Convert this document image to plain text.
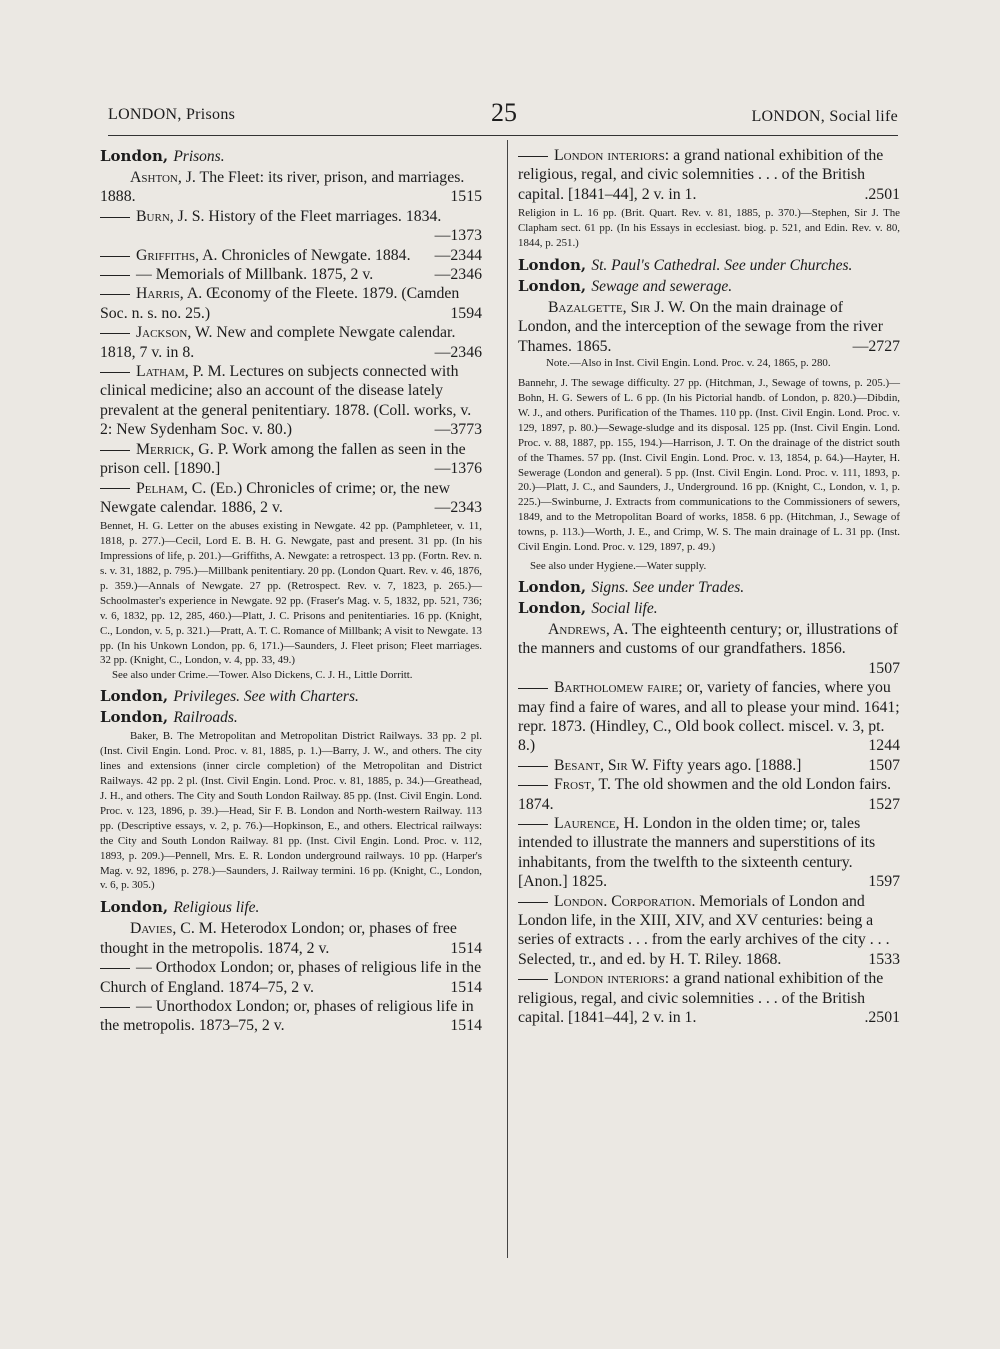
LONDON, Prisons	25	LONDON, Social life
London, Prisons.

Ashton, J. The Fleet: its river, prison, and marriages. 1888.	1515

Burn, J. S. History of the Fleet marriages. 1834.
—1373

Griffiths, A. Chronicles of Newgate. 1884. —2344

— Memorials of Millbank. 1875, 2 v.	—2346

Harris, A. Œconomy of the Fleete. 1879. (Camden Soc. n. s. no. 25.)	1594

Jackson, W. New and complete Newgate calendar. 1818, 7 v. in 8.	—2346

Latham, P. M. Lectures on subjects connected with clinical medicine; also an account of the disease lately prevalent at the general penitentiary. 1878. (Coll. works, v. 2: New Sydenham Soc. v. 80.)	—3773

Merrick, G. P. Work among the fallen as seen in the prison cell. [1890.]	—1376

Pelham, C. (Ed.) Chronicles of crime; or, the new Newgate calendar. 1886, 2 v.	—2343

Bennet, H. G. Letter on the abuses existing in Newgate. 42 pp. (Pamphleteer, v. 11, 1818, p. 277.)—Cecil, Lord E. B. H. G. Newgate, past and present. 31 pp. (In his Impressions of life, p. 201.)—Griffiths, A. Newgate: a retrospect. 13 pp. (Fortn. Rev. n. s. v. 31, 1882, p. 795.)—Millbank penitentiary. 20 pp. (London Quart. Rev. v. 46, 1876, p. 359.)—Annals of Newgate. 27 pp. (Retrospect. Rev. v. 7, 1823, p. 265.)—Schoolmaster's experience in Newgate. 92 pp. (Fraser's Mag. v. 5, 1832, pp. 521, 736; v. 6, 1832, pp. 12, 285, 460.)—Platt, J. C. Prisons and penitentiaries. 16 pp. (Knight, C., London, v. 5, p. 321.)—Pratt, A. T. C. Romance of Millbank; A visit to Newgate. 13 pp. (In his Unkown London, pp. 6, 171.)—Saunders, J. Fleet prison; Fleet marriages. 32 pp. (Knight, C., London, v. 4, pp. 33, 49.)

See also under Crime.—Tower. Also Dickens, C. J. H., Little Dorritt.

London, Privileges. See with Charters.
London, Railroads.

Baker, B. The Metropolitan and Metropolitan District Railways. 33 pp. 2 pl. (Inst. Civil Engin. Lond. Proc. v. 81, 1885, p. 1.)—Barry, J. W., and others. The city lines and extensions (inner circle completion) of the Metropolitan and District Railways. 42 pp. 2 pl. (Inst. Civil Engin. Lond. Proc. v. 81, 1885, p. 34.)—Greathead, J. H., and others. The City and South London Railway. 85 pp. (Inst. Civil Engin. Lond. Proc. v. 123, 1896, p. 39.)—Head, Sir F. B. London and North-western Railway. 113 pp. (Descriptive essays, v. 2, p. 76.)—Hopkinson, E., and others. Electrical railways: the City and South London Railway. 81 pp. (Inst. Civil Engin. Lond. Proc. v. 112, 1893, p. 209.)—Pennell, Mrs. E. R. London underground railways. 10 pp. (Harper's Mag. v. 92, 1896, p. 278.)—Saunders, J. Railway termini. 16 pp. (Knight, C., London, v. 6, p. 305.)

London, Religious life.

Davies, C. M. Heterodox London; or, phases of free thought in the metropolis. 1874, 2 v.	1514

— Orthodox London; or, phases of religious life in the Church of England. 1874–75, 2 v.	1514

— Unorthodox London; or, phases of religious life in the metropolis. 1873–75, 2 v.	1514

London interiors: a grand national exhibition of the religious, regal, and civic solemnities . . . of the British capital. [1841–44], 2 v. in 1.	.2501

Religion in L. 16 pp. (Brit. Quart. Rev. v. 81, 1885, p. 370.)—Stephen, Sir J. The Clapham sect. 61 pp. (In his Essays in ecclesiast. biog. p. 521, and Edin. Rev. v. 80, 1844, p. 251.)

London, St. Paul's Cathedral. See under Churches.
London, Sewage and sewerage.

Bazalgette, Sir J. W. On the main drainage of London, and the interception of the sewage from the river Thames. 1865.	—2727

Note.—Also in Inst. Civil Engin. Lond. Proc. v. 24, 1865, p. 280.

Bannehr, J. The sewage difficulty. 27 pp. (Hitchman, J., Sewage of towns, p. 205.)—Bohn, H. G. Sewers of L. 6 pp. (In his Pictorial handb. of London, p. 820.)—Dibdin, W. J., and others. Purification of the Thames. 110 pp. (Inst. Civil Engin. Lond. Proc. v. 129, 1897, p. 80.)—Sewage-sludge and its disposal. 125 pp. (Inst. Civil Engin. Lond. Proc. v. 88, 1887, pp. 155, 194.)—Harrison, J. T. On the drainage of the district south of the Thames. 57 pp. (Inst. Civil Engin. Lond. Proc. v. 13, 1854, p. 64.)—Hayter, H. Sewerage (London and general). 5 pp. (Inst. Civil Engin. Lond. Proc. v. 111, 1893, p. 20.)—Platt, J. C., and Saunders, J., Underground. 16 pp. (Knight, C., London, v. 1, p. 225.)—Swinburne, J. Extracts from communications to the Commissioners of sewers, 1849, and to the Metropolitan Board of works, 1858. 6 pp. (Hitchman, J., Sewage of towns, p. 113.)—Worth, J. E., and Crimp, W. S. The main drainage of L. 31 pp. (Inst. Civil Engin. Lond. Proc. v. 129, 1897, p. 49.)

See also under Hygiene.—Water supply.

London, Signs. See under Trades.
London, Social life.

Andrews, A. The eighteenth century; or, illustrations of the manners and customs of our grandfathers. 1856.
1507

Bartholomew faire; or, variety of fancies, where you may find a faire of wares, and all to please your mind. 1641; repr. 1873. (Hindley, C., Old book collect. miscel. v. 3, pt. 8.)	1244

Besant, Sir W. Fifty years ago. [1888.]	1507

Frost, T. The old showmen and the old London fairs. 1874.	1527

Laurence, H. London in the olden time; or, tales intended to illustrate the manners and superstitions of its inhabitants, from the twelfth to the sixteenth century. [Anon.] 1825.	1597

London. Corporation. Memorials of London and London life, in the XIII, XIV, and XV centuries: being a series of extracts . . . from the early archives of the city . . . Selected, tr., and ed. by H. T. Riley. 1868.	1533

London interiors: a grand national exhibition of the religious, regal, and civic solemnities . . . of the British capital. [1841–44], 2 v. in 1.	.2501
